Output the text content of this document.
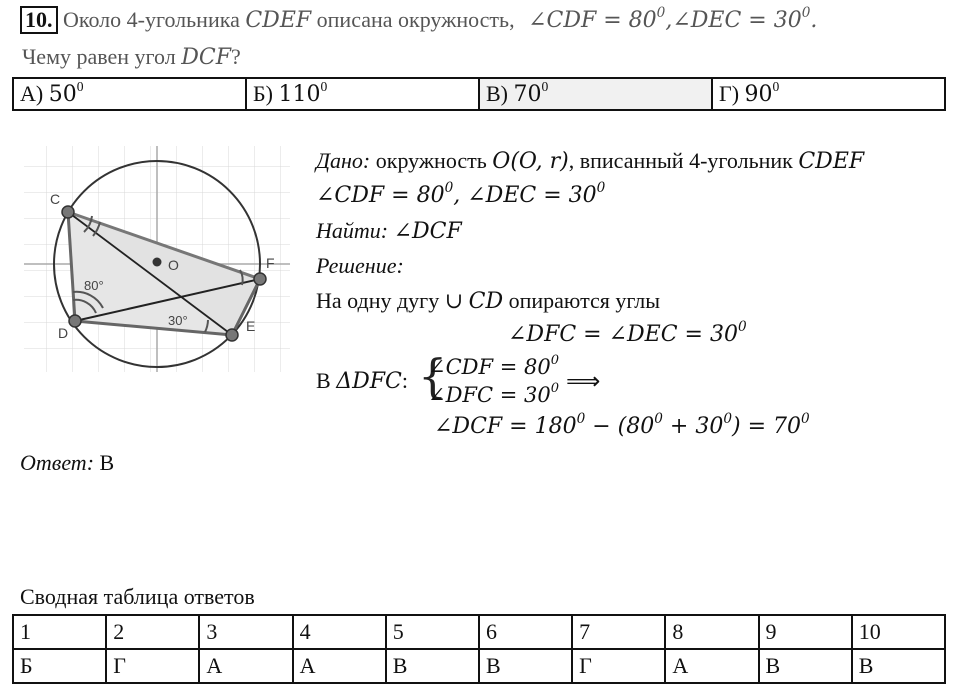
10. Около 4-угольника CDEF описана окружность, ∠CDF = $80^0,\angle DEC = 30^0$.
Чему равен угол DCF?
А) $50^0$	Б) $110^0$	В) $70^0$	Г) $90^0$
C
D	E
F
O
80°
30°
Дано: окружность O(O, r), вписанный 4-угольник CDEF
∠CDF = $80^0$, ∠DEC = $30^0$
Найти: ∠DCF
Решение:
На одну дугу ∪ CD опираются углы
∠DFC = ∠DEC = $30^0$
В ΔDFC: {
∠CDF = $80^0$
∠DFC = $30^0$ ⟹
∠DCF = $180^0 - (80^0 + 30^0) = 70^0$
Ответ: В
Сводная таблица ответов
1	2	3	4	5	6	7	8	9	10
Б	Г	А	А	В	В	Г	А	В	В
